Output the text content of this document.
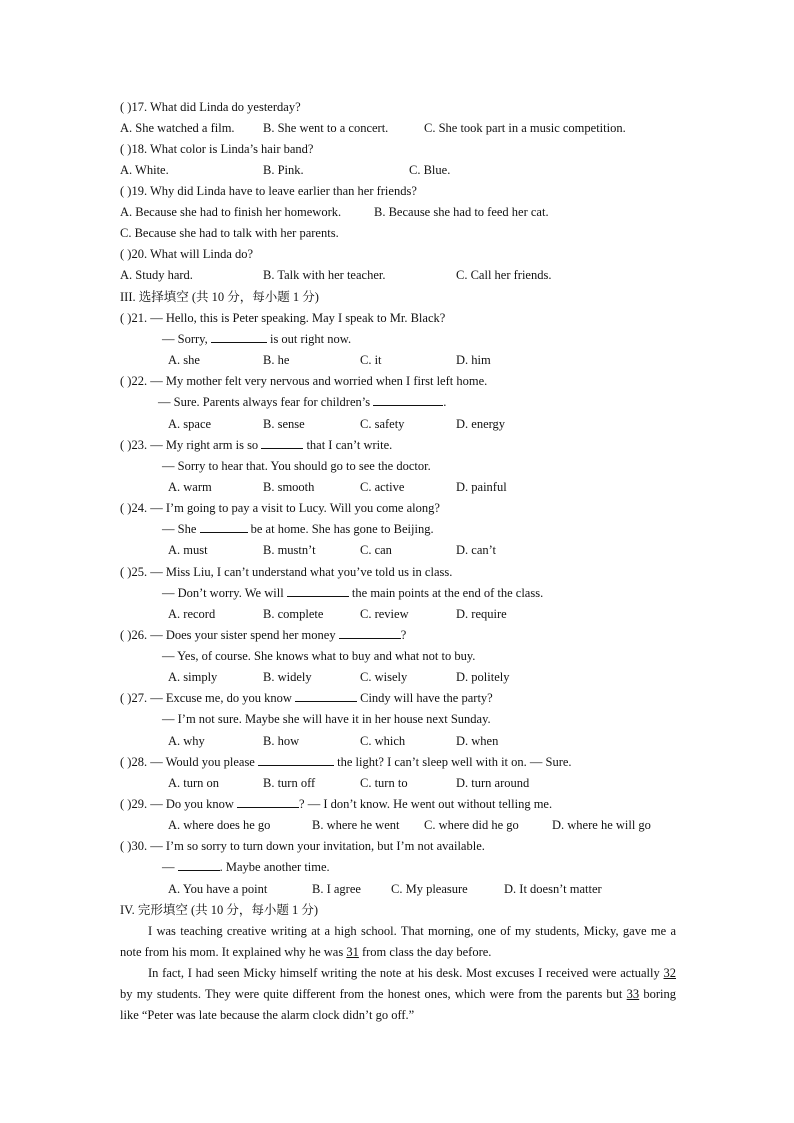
( )17. What did Linda do yesterday?
A. She watched a film. B. She went to a concert.	C. She took part in a music competition.
( )18. What color is Linda’s hair band?
A. White.	B. Pink.	C. Blue.
( )19. Why did Linda have to leave earlier than her friends?
A. Because she had to finish her homework.	B. Because she had to feed her cat.
C. Because she had to talk with her parents.
( )20. What will Linda do?
A. Study hard.	B. Talk with her teacher.	C. Call her friends.
III. 选择填空 (共 10 分，每小题 1 分)
( )21. — Hello, this is Peter speaking. May I speak to Mr. Black?
— Sorry,	is out right now.
A. she	B. he	C. it	D. him
( )22. — My mother felt very nervous and worried when I first left home.
— Sure. Parents always fear for children’s	.
A. space	B. sense	C. safety	D. energy
( )23. — My right arm is so	that I can’t write.
— Sorry to hear that. You should go to see the doctor.
A. warm	B. smooth	C. active	D. painful
( )24. — I’m going to pay a visit to Lucy. Will you come along?
— She	be at home. She has gone to Beijing.
A. must	B. mustn’t	C. can	D. can’t
( )25. — Miss Liu, I can’t understand what you’ve told us in class.
— Don’t worry. We will	the main points at the end of the class.
A. record	B. complete	C. review	D. require
( )26. — Does your sister spend her money	?
— Yes, of course. She knows what to buy and what not to buy.
A. simply	B. widely	C. wisely	D. politely
( )27. — Excuse me, do you know	Cindy will have the party?
— I’m not sure. Maybe she will have it in her house next Sunday.
A. why	B. how	C. which	D. when
( )28. — Would you please	the light? I can’t sleep well with it on. — Sure.
A. turn on	B. turn off	C. turn to	D. turn around
( )29. — Do you know	? — I don’t know. He went out without telling me.
A. where does he go	B. where he went C. where did he go	D. where he will go
( )30. — I’m so sorry to turn down your invitation, but I’m not available.
—	. Maybe another time.
A. You have a point	B. I agree C. My pleasure	D. It doesn’t matter
IV. 完形填空 (共 10 分，每小题 1 分)
I was teaching creative writing at a high school. That morning, one of my students, Micky, gave me a note from his mom. It explained why he was 31 from class the day before.
In fact, I had seen Micky himself writing the note at his desk. Most excuses I received were actually 32 by my students. They were quite different from the honest ones, which were from the parents but 33 boring like “Peter was late because the alarm clock didn’t go off.”
